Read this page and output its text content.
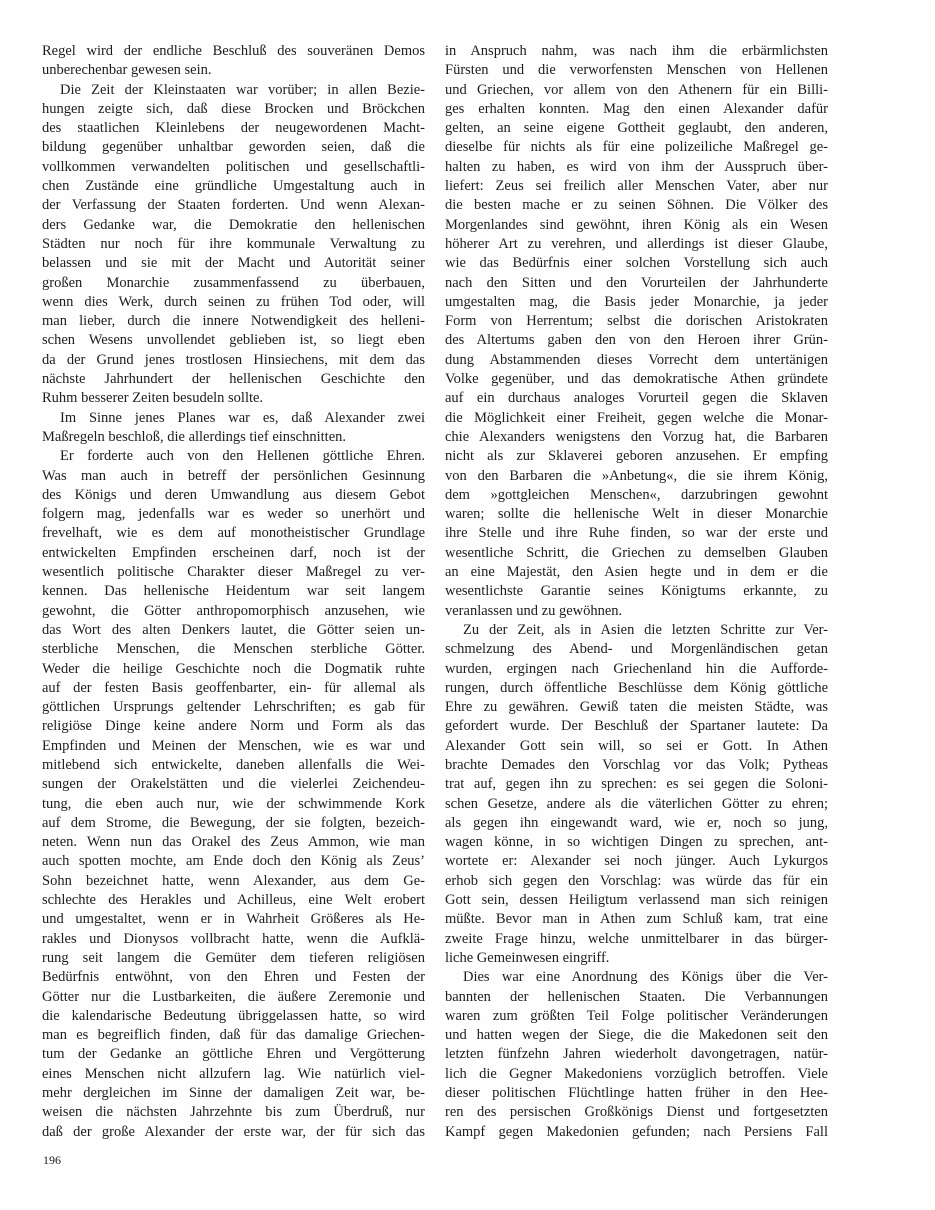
Regel wird der endliche Beschluß des souveränen Demos
unberechenbar gewesen sein.
Die Zeit der Kleinstaaten war vorüber; in allen Bezie-
hungen zeigte sich, daß diese Brocken und Bröckchen
des staatlichen Kleinlebens der neugewordenen Macht-
bildung gegenüber unhaltbar geworden seien, daß die
vollkommen verwandelten politischen und gesellschaftli-
chen Zustände eine gründliche Umgestaltung auch in
der Verfassung der Staaten forderten. Und wenn Alexan-
ders Gedanke war, die Demokratie den hellenischen
Städten nur noch für ihre kommunale Verwaltung zu
belassen und sie mit der Macht und Autorität seiner
großen Monarchie zusammenfassend zu überbauen,
wenn dies Werk, durch seinen zu frühen Tod oder, will
man lieber, durch die innere Notwendigkeit des helleni-
schen Wesens unvollendet geblieben ist, so liegt eben
da der Grund jenes trostlosen Hinsiechens, mit dem das
nächste Jahrhundert der hellenischen Geschichte den
Ruhm besserer Zeiten besudeln sollte.
Im Sinne jenes Planes war es, daß Alexander zwei
Maßregeln beschloß, die allerdings tief einschnitten.
Er forderte auch von den Hellenen göttliche Ehren.
Was man auch in betreff der persönlichen Gesinnung
des Königs und deren Umwandlung aus diesem Gebot
folgern mag, jedenfalls war es weder so unerhört und
frevelhaft, wie es dem auf monotheistischer Grundlage
entwickelten Empfinden erscheinen darf, noch ist der
wesentlich politische Charakter dieser Maßregel zu ver-
kennen. Das hellenische Heidentum war seit langem
gewohnt, die Götter anthropomorphisch anzusehen, wie
das Wort des alten Denkers lautet, die Götter seien un-
sterbliche Menschen, die Menschen sterbliche Götter.
Weder die heilige Geschichte noch die Dogmatik ruhte
auf der festen Basis geoffenbarter, ein- für allemal als
göttlichen Ursprungs geltender Lehrschriften; es gab für
religiöse Dinge keine andere Norm und Form als das
Empfinden und Meinen der Menschen, wie es war und
mitlebend sich entwickelte, daneben allenfalls die Wei-
sungen der Orakelstätten und die vielerlei Zeichendeu-
tung, die eben auch nur, wie der schwimmende Kork
auf dem Strome, die Bewegung, der sie folgten, bezeich-
neten. Wenn nun das Orakel des Zeus Ammon, wie man
auch spotten mochte, am Ende doch den König als Zeus’
Sohn bezeichnet hatte, wenn Alexander, aus dem Ge-
schlechte des Herakles und Achilleus, eine Welt erobert
und umgestaltet, wenn er in Wahrheit Größeres als He-
rakles und Dionysos vollbracht hatte, wenn die Aufklä-
rung seit langem die Gemüter dem tieferen religiösen
Bedürfnis entwöhnt, von den Ehren und Festen der
Götter nur die Lustbarkeiten, die äußere Zeremonie und
die kalendarische Bedeutung übriggelassen hatte, so wird
man es begreiflich finden, daß für das damalige Griechen-
tum der Gedanke an göttliche Ehren und Vergötterung
eines Menschen nicht allzufern lag. Wie natürlich viel-
mehr dergleichen im Sinne der damaligen Zeit war, be-
weisen die nächsten Jahrzehnte bis zum Überdruß, nur
daß der große Alexander der erste war, der für sich das
in Anspruch nahm, was nach ihm die erbärmlichsten
Fürsten und die verworfensten Menschen von Hellenen
und Griechen, vor allem von den Athenern für ein Billi-
ges erhalten konnten. Mag den einen Alexander dafür
gelten, an seine eigene Gottheit geglaubt, den anderen,
dieselbe für nichts als für eine polizeiliche Maßregel ge-
halten zu haben, es wird von ihm der Ausspruch über-
liefert: Zeus sei freilich aller Menschen Vater, aber nur
die besten mache er zu seinen Söhnen. Die Völker des
Morgenlandes sind gewöhnt, ihren König als ein Wesen
höherer Art zu verehren, und allerdings ist dieser Glaube,
wie das Bedürfnis einer solchen Vorstellung sich auch
nach den Sitten und den Vorurteilen der Jahrhunderte
umgestalten mag, die Basis jeder Monarchie, ja jeder
Form von Herrentum; selbst die dorischen Aristokraten
des Altertums gaben den von den Heroen ihrer Grün-
dung Abstammenden dieses Vorrecht dem untertänigen
Volke gegenüber, und das demokratische Athen gründete
auf ein durchaus analoges Vorurteil gegen die Sklaven
die Möglichkeit einer Freiheit, gegen welche die Monar-
chie Alexanders wenigstens den Vorzug hat, die Barbaren
nicht als zur Sklaverei geboren anzusehen. Er empfing
von den Barbaren die »Anbetung«, die sie ihrem König,
dem »gottgleichen Menschen«, darzubringen gewohnt
waren; sollte die hellenische Welt in dieser Monarchie
ihre Stelle und ihre Ruhe finden, so war der erste und
wesentliche Schritt, die Griechen zu demselben Glauben
an eine Majestät, den Asien hegte und in dem er die
wesentlichste Garantie seines Königtums erkannte, zu
veranlassen und zu gewöhnen.
Zu der Zeit, als in Asien die letzten Schritte zur Ver-
schmelzung des Abend- und Morgenländischen getan
wurden, ergingen nach Griechenland hin die Aufforde-
rungen, durch öffentliche Beschlüsse dem König göttliche
Ehre zu gewähren. Gewiß taten die meisten Städte, was
gefordert wurde. Der Beschluß der Spartaner lautete: Da
Alexander Gott sein will, so sei er Gott. In Athen
brachte Demades den Vorschlag vor das Volk; Pytheas
trat auf, gegen ihn zu sprechen: es sei gegen die Soloni-
schen Gesetze, andere als die väterlichen Götter zu ehren;
als gegen ihn eingewandt ward, wie er, noch so jung,
wagen könne, in so wichtigen Dingen zu sprechen, ant-
wortete er: Alexander sei noch jünger. Auch Lykurgos
erhob sich gegen den Vorschlag: was würde das für ein
Gott sein, dessen Heiligtum verlassend man sich reinigen
müßte. Bevor man in Athen zum Schluß kam, trat eine
zweite Frage hinzu, welche unmittelbarer in das bürger-
liche Gemeinwesen eingriff.
Dies war eine Anordnung des Königs über die Ver-
bannten der hellenischen Staaten. Die Verbannungen
waren zum größten Teil Folge politischer Veränderungen
und hatten wegen der Siege, die die Makedonen seit den
letzten fünfzehn Jahren wiederholt davongetragen, natür-
lich die Gegner Makedoniens vorzüglich betroffen. Viele
dieser politischen Flüchtlinge hatten früher in den Hee-
ren des persischen Großkönigs Dienst und fortgesetzten
Kampf gegen Makedonien gefunden; nach Persiens Fall
196
